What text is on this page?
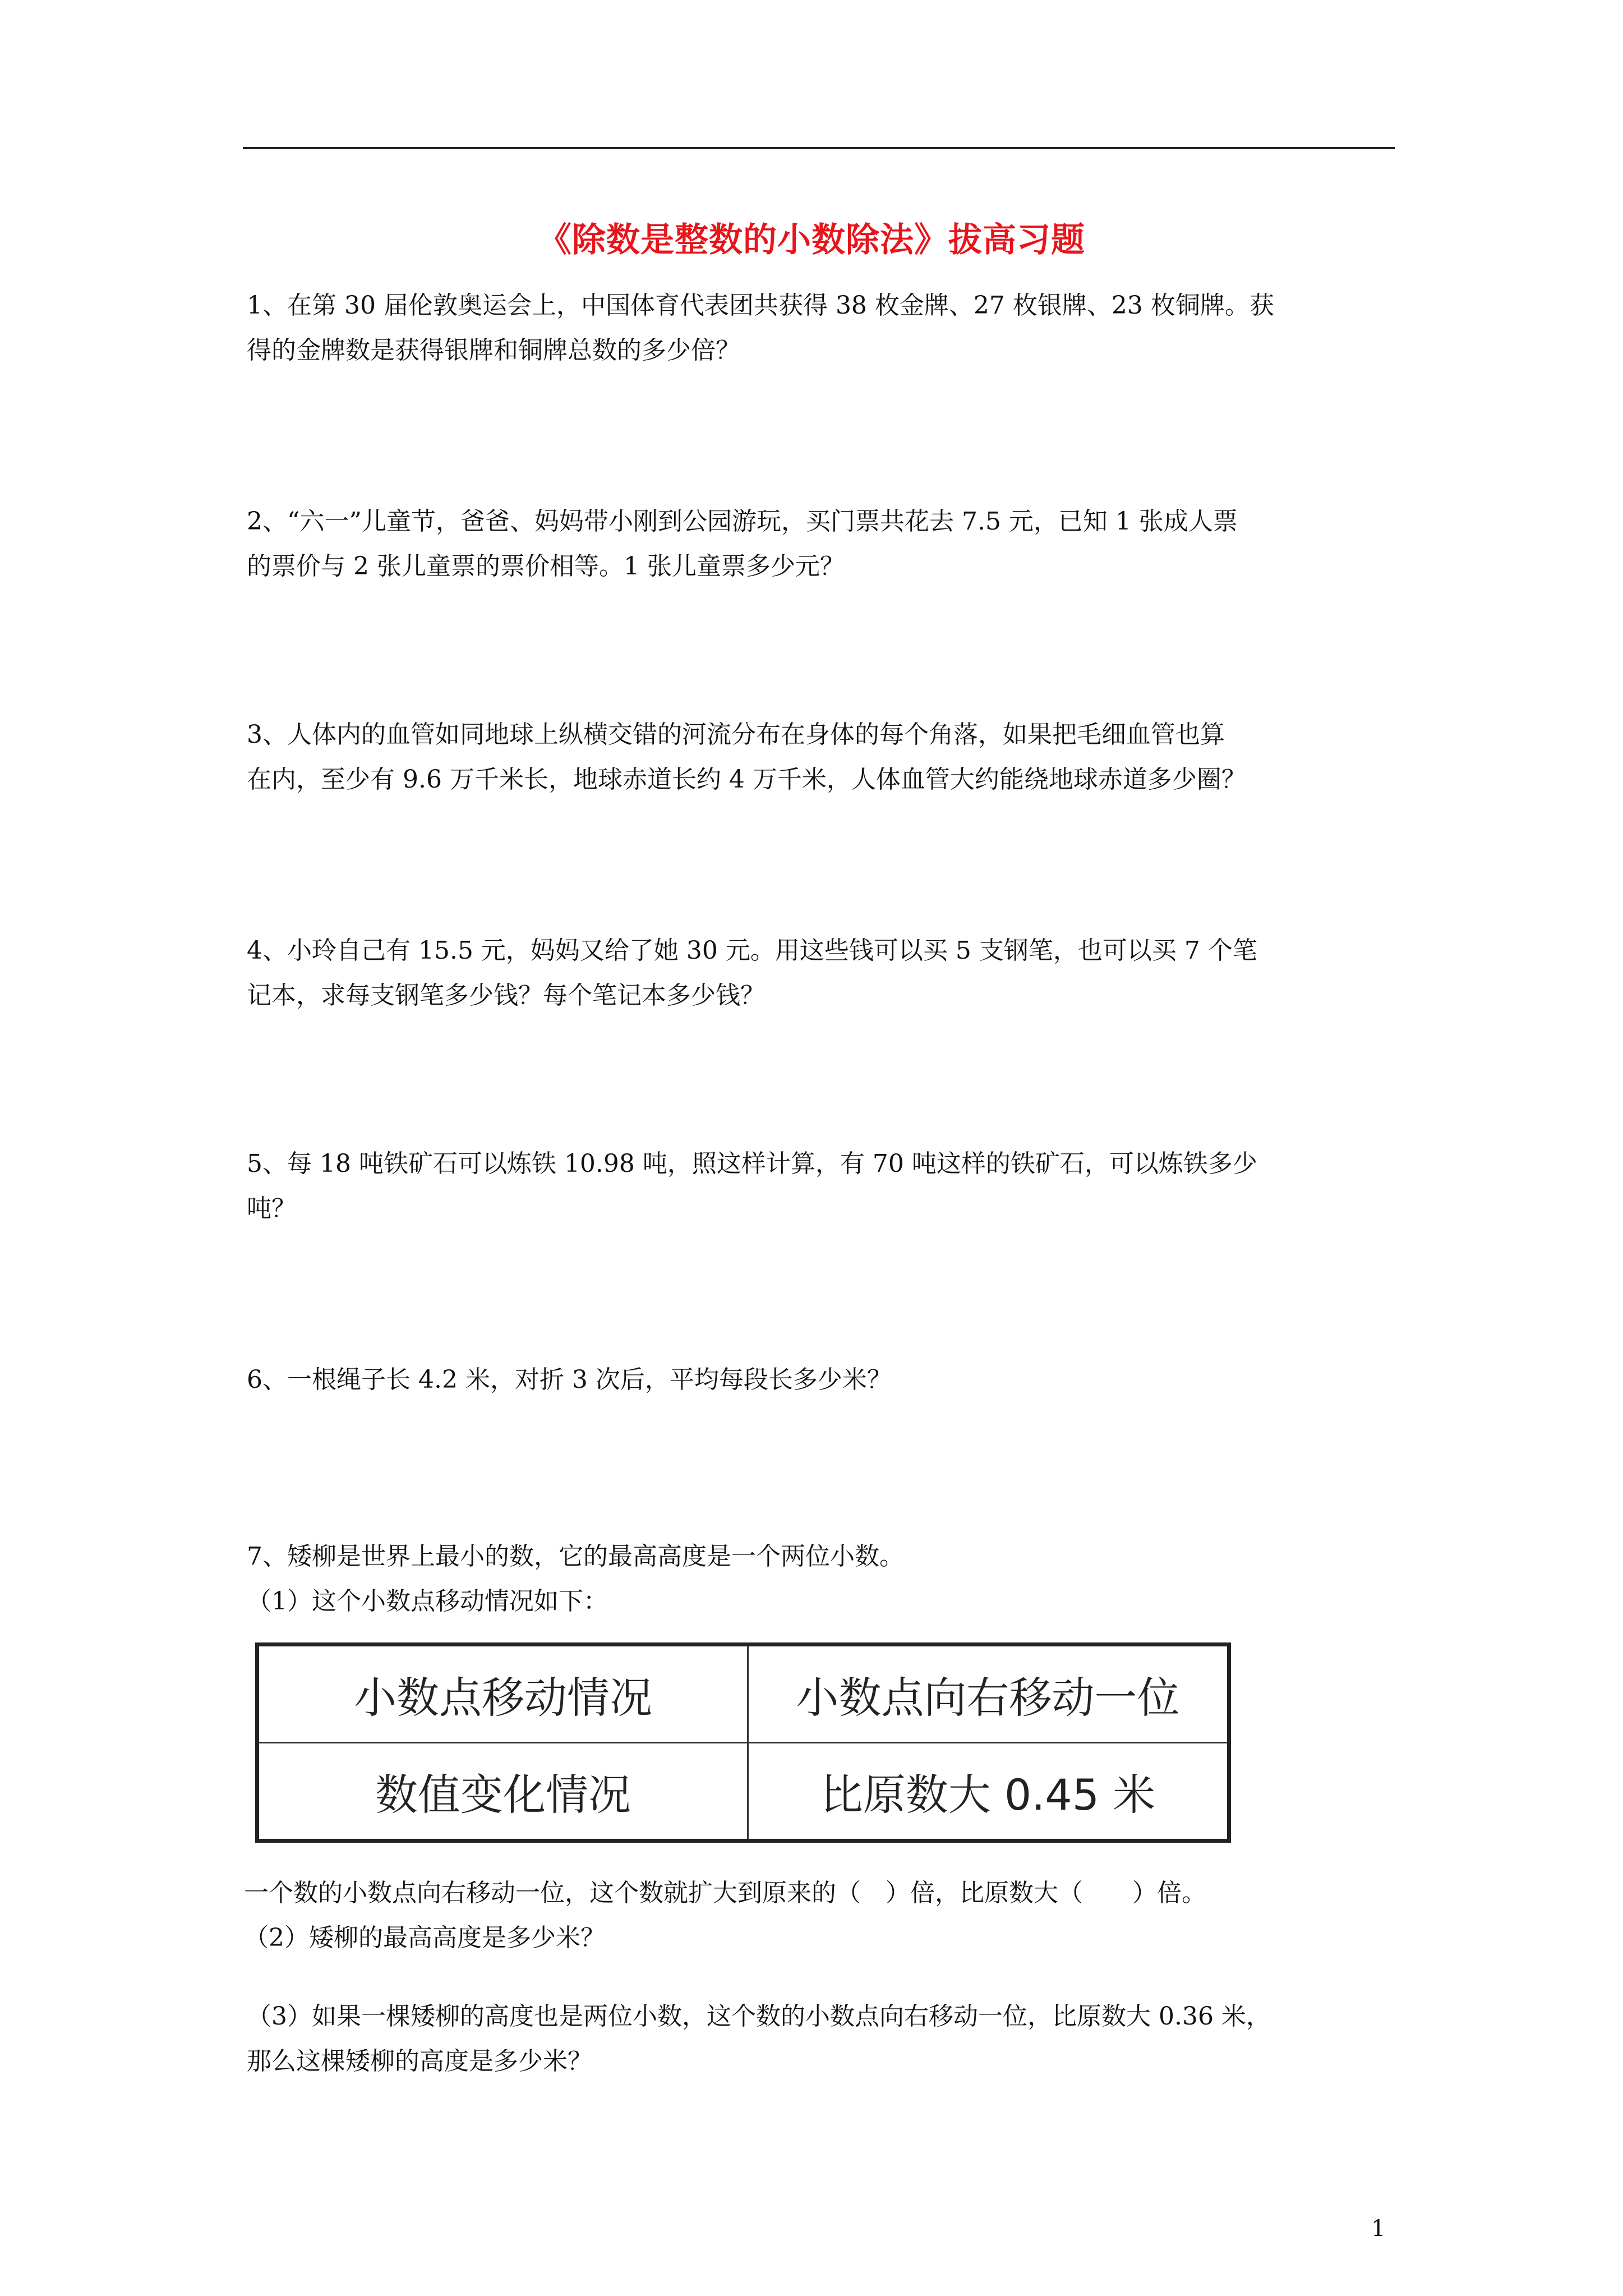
《除数是整数的小数除法》拔高习题

1、在第 30 届伦敦奥运会上，中国体育代表团共获得 38 枚金牌、27 枚银牌、23 枚铜牌。获

得的金牌数是获得银牌和铜牌总数的多少倍？

2、“六一”儿童节，爸爸、妈妈带小刚到公园游玩，买门票共花去 7.5 元，已知 1 张成人票

的票价与 2 张儿童票的票价相等。1 张儿童票多少元？

3、人体内的血管如同地球上纵横交错的河流分布在身体的每个角落，如果把毛细血管也算

在内，至少有 9.6 万千米长，地球赤道长约 4 万千米，人体血管大约能绕地球赤道多少圈？

4、小玲自己有 15.5 元，妈妈又给了她 30 元。用这些钱可以买 5 支钢笔，也可以买 7 个笔

记本，求每支钢笔多少钱？每个笔记本多少钱？

5、每 18 吨铁矿石可以炼铁 10.98 吨，照这样计算，有 70 吨这样的铁矿石，可以炼铁多少

吨？

6、一根绳子长 4.2 米，对折 3 次后，平均每段长多少米？

7、矮柳是世界上最小的数，它的最高高度是一个两位小数。

（1）这个小数点移动情况如下：

小数点移动情况	小数点向右移动一位
数值变化情况	比原数大 0.45 米

一个数的小数点向右移动一位，这个数就扩大到原来的（　）倍，比原数大（　　）倍。

（2）矮柳的最高高度是多少米？

（3）如果一棵矮柳的高度也是两位小数，这个数的小数点向右移动一位，比原数大 0.36 米，

那么这棵矮柳的高度是多少米？

1
